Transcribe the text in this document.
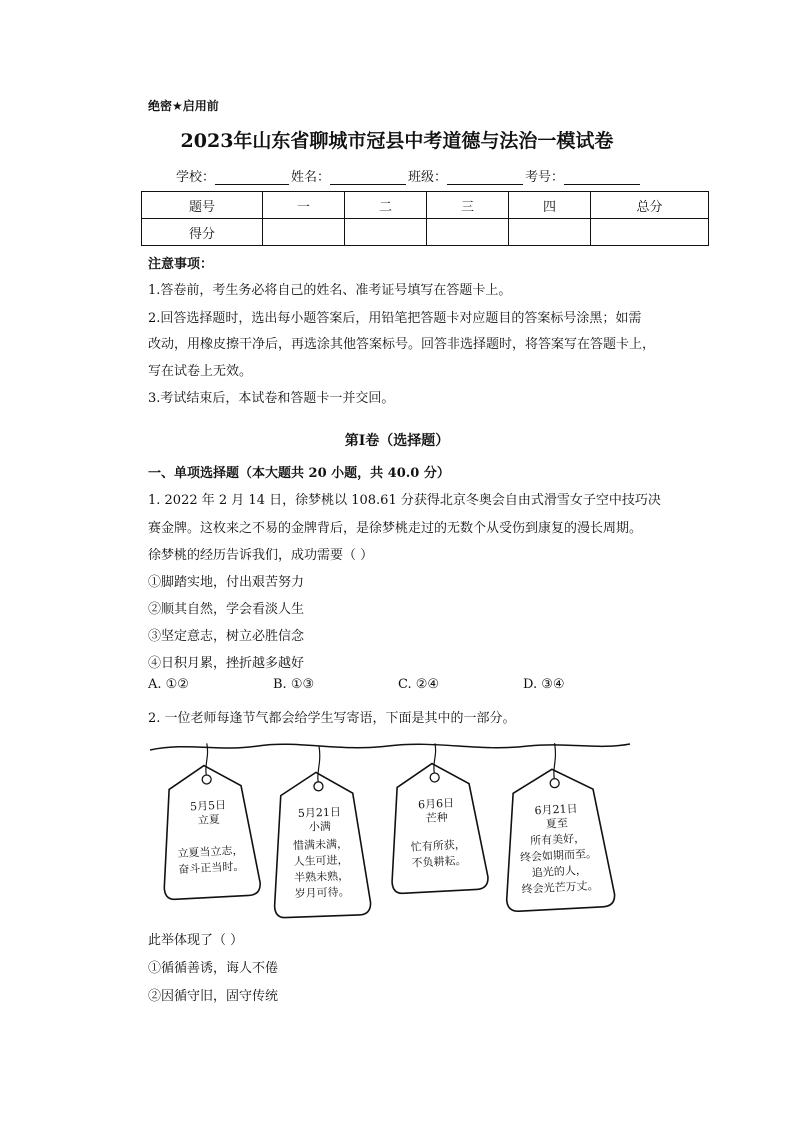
绝密★启用前
2023年山东省聊城市冠县中考道德与法治一模试卷
学校：	姓名：	班级：	考号：
题号	一	二	三	四	总分
得分					
注意事项：
1.答卷前，考生务必将自己的姓名、准考证号填写在答题卡上。
2.回答选择题时，选出每小题答案后，用铅笔把答题卡对应题目的答案标号涂黑；如需
改动，用橡皮擦干净后，再选涂其他答案标号。回答非选择题时，将答案写在答题卡上，
写在试卷上无效。
3.考试结束后，本试卷和答题卡一并交回。
第Ⅰ卷（选择题）
一、单项选择题（本大题共 20 小题，共 40.0 分）
1. 2022 年 2 月 14 日，徐梦桃以 108.61 分获得北京冬奥会自由式滑雪女子空中技巧决
赛金牌。这枚来之不易的金牌背后，是徐梦桃走过的无数个从受伤到康复的漫长周期。
徐梦桃的经历告诉我们，成功需要（ ）
①脚踏实地，付出艰苦努力
②顺其自然，学会看淡人生
③坚定意志，树立必胜信念
④日积月累，挫折越多越好
A. ①②	B. ①③	C. ②④	D. ③④
2. 一位老师每逢节气都会给学生写寄语，下面是其中的一部分。
5月5日
立夏
立夏当立志，
奋斗正当时。
5月21日
小满
惜满未满，
人生可进，
半熟未熟，
岁月可待。
6月6日
芒种
忙有所获，
不负耕耘。
6月21日
夏至
所有美好，
终会如期而至。
追光的人，
终会光芒万丈。
此举体现了（ ）
①循循善诱，诲人不倦
②因循守旧，固守传统
